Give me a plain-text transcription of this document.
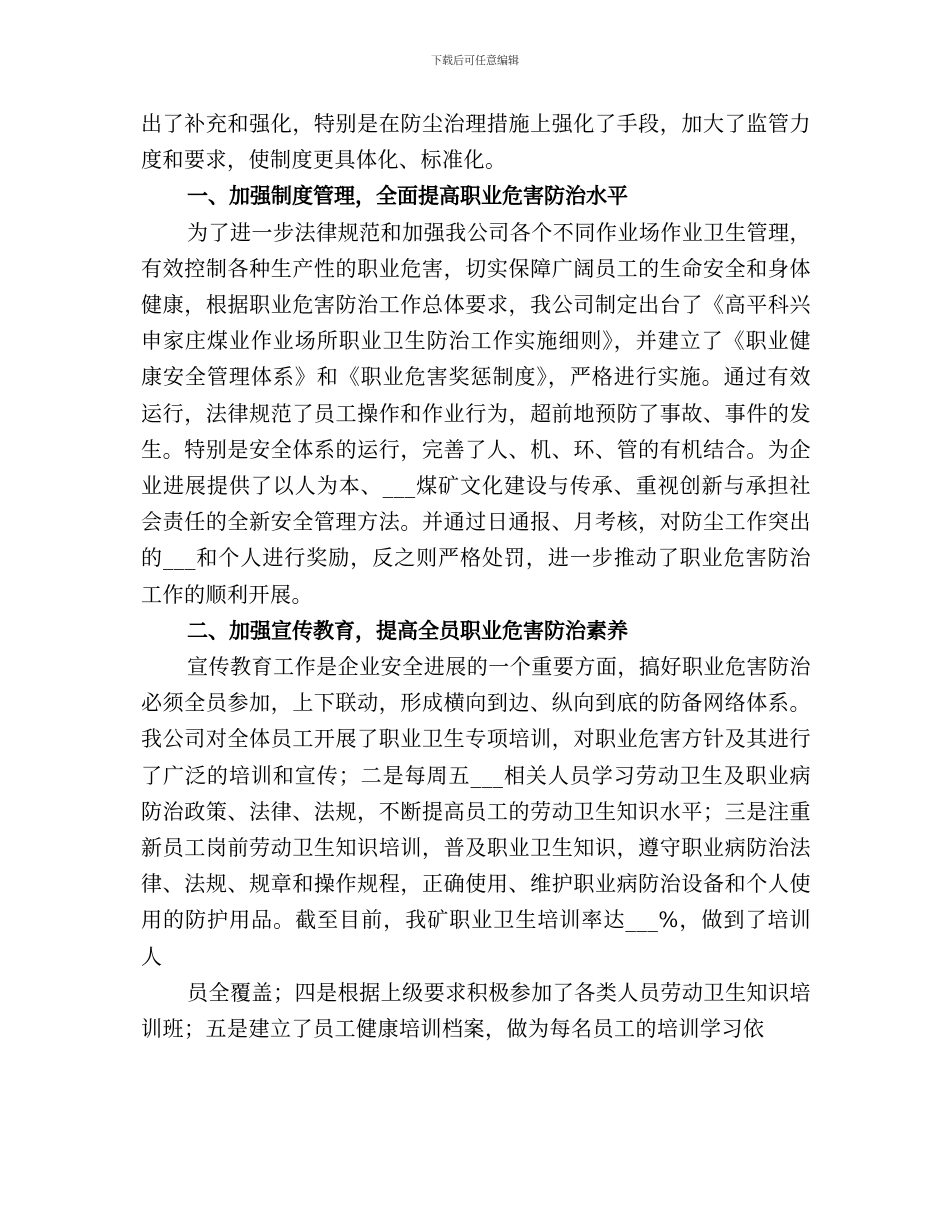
下载后可任意编辑

出了补充和强化，特别是在防尘治理措施上强化了手段，加大了监管力度和要求，使制度更具体化、标准化。

一、加强制度管理，全面提高职业危害防治水平

为了进一步法律规范和加强我公司各个不同作业场作业卫生管理，有效控制各种生产性的职业危害，切实保障广阔员工的生命安全和身体健康，根据职业危害防治工作总体要求，我公司制定出台了《高平科兴申家庄煤业作业场所职业卫生防治工作实施细则》，并建立了《职业健康安全管理体系》和《职业危害奖惩制度》，严格进行实施。通过有效运行，法律规范了员工操作和作业行为，超前地预防了事故、事件的发生。特别是安全体系的运行，完善了人、机、环、管的有机结合。为企业进展提供了以人为本、___煤矿文化建设与传承、重视创新与承担社会责任的全新安全管理方法。并通过日通报、月考核，对防尘工作突出的___和个人进行奖励，反之则严格处罚，进一步推动了职业危害防治工作的顺利开展。

二、加强宣传教育，提高全员职业危害防治素养

宣传教育工作是企业安全进展的一个重要方面，搞好职业危害防治必须全员参加，上下联动，形成横向到边、纵向到底的防备网络体系。我公司对全体员工开展了职业卫生专项培训，对职业危害方针及其进行了广泛的培训和宣传；二是每周五___相关人员学习劳动卫生及职业病防治政策、法律、法规，不断提高员工的劳动卫生知识水平；三是注重新员工岗前劳动卫生知识培训，普及职业卫生知识，遵守职业病防治法律、法规、规章和操作规程，正确使用、维护职业病防治设备和个人使用的防护用品。截至目前，我矿职业卫生培训率达___%，做到了培训人

员全覆盖；四是根据上级要求积极参加了各类人员劳动卫生知识培训班；五是建立了员工健康培训档案，做为每名员工的培训学习依
